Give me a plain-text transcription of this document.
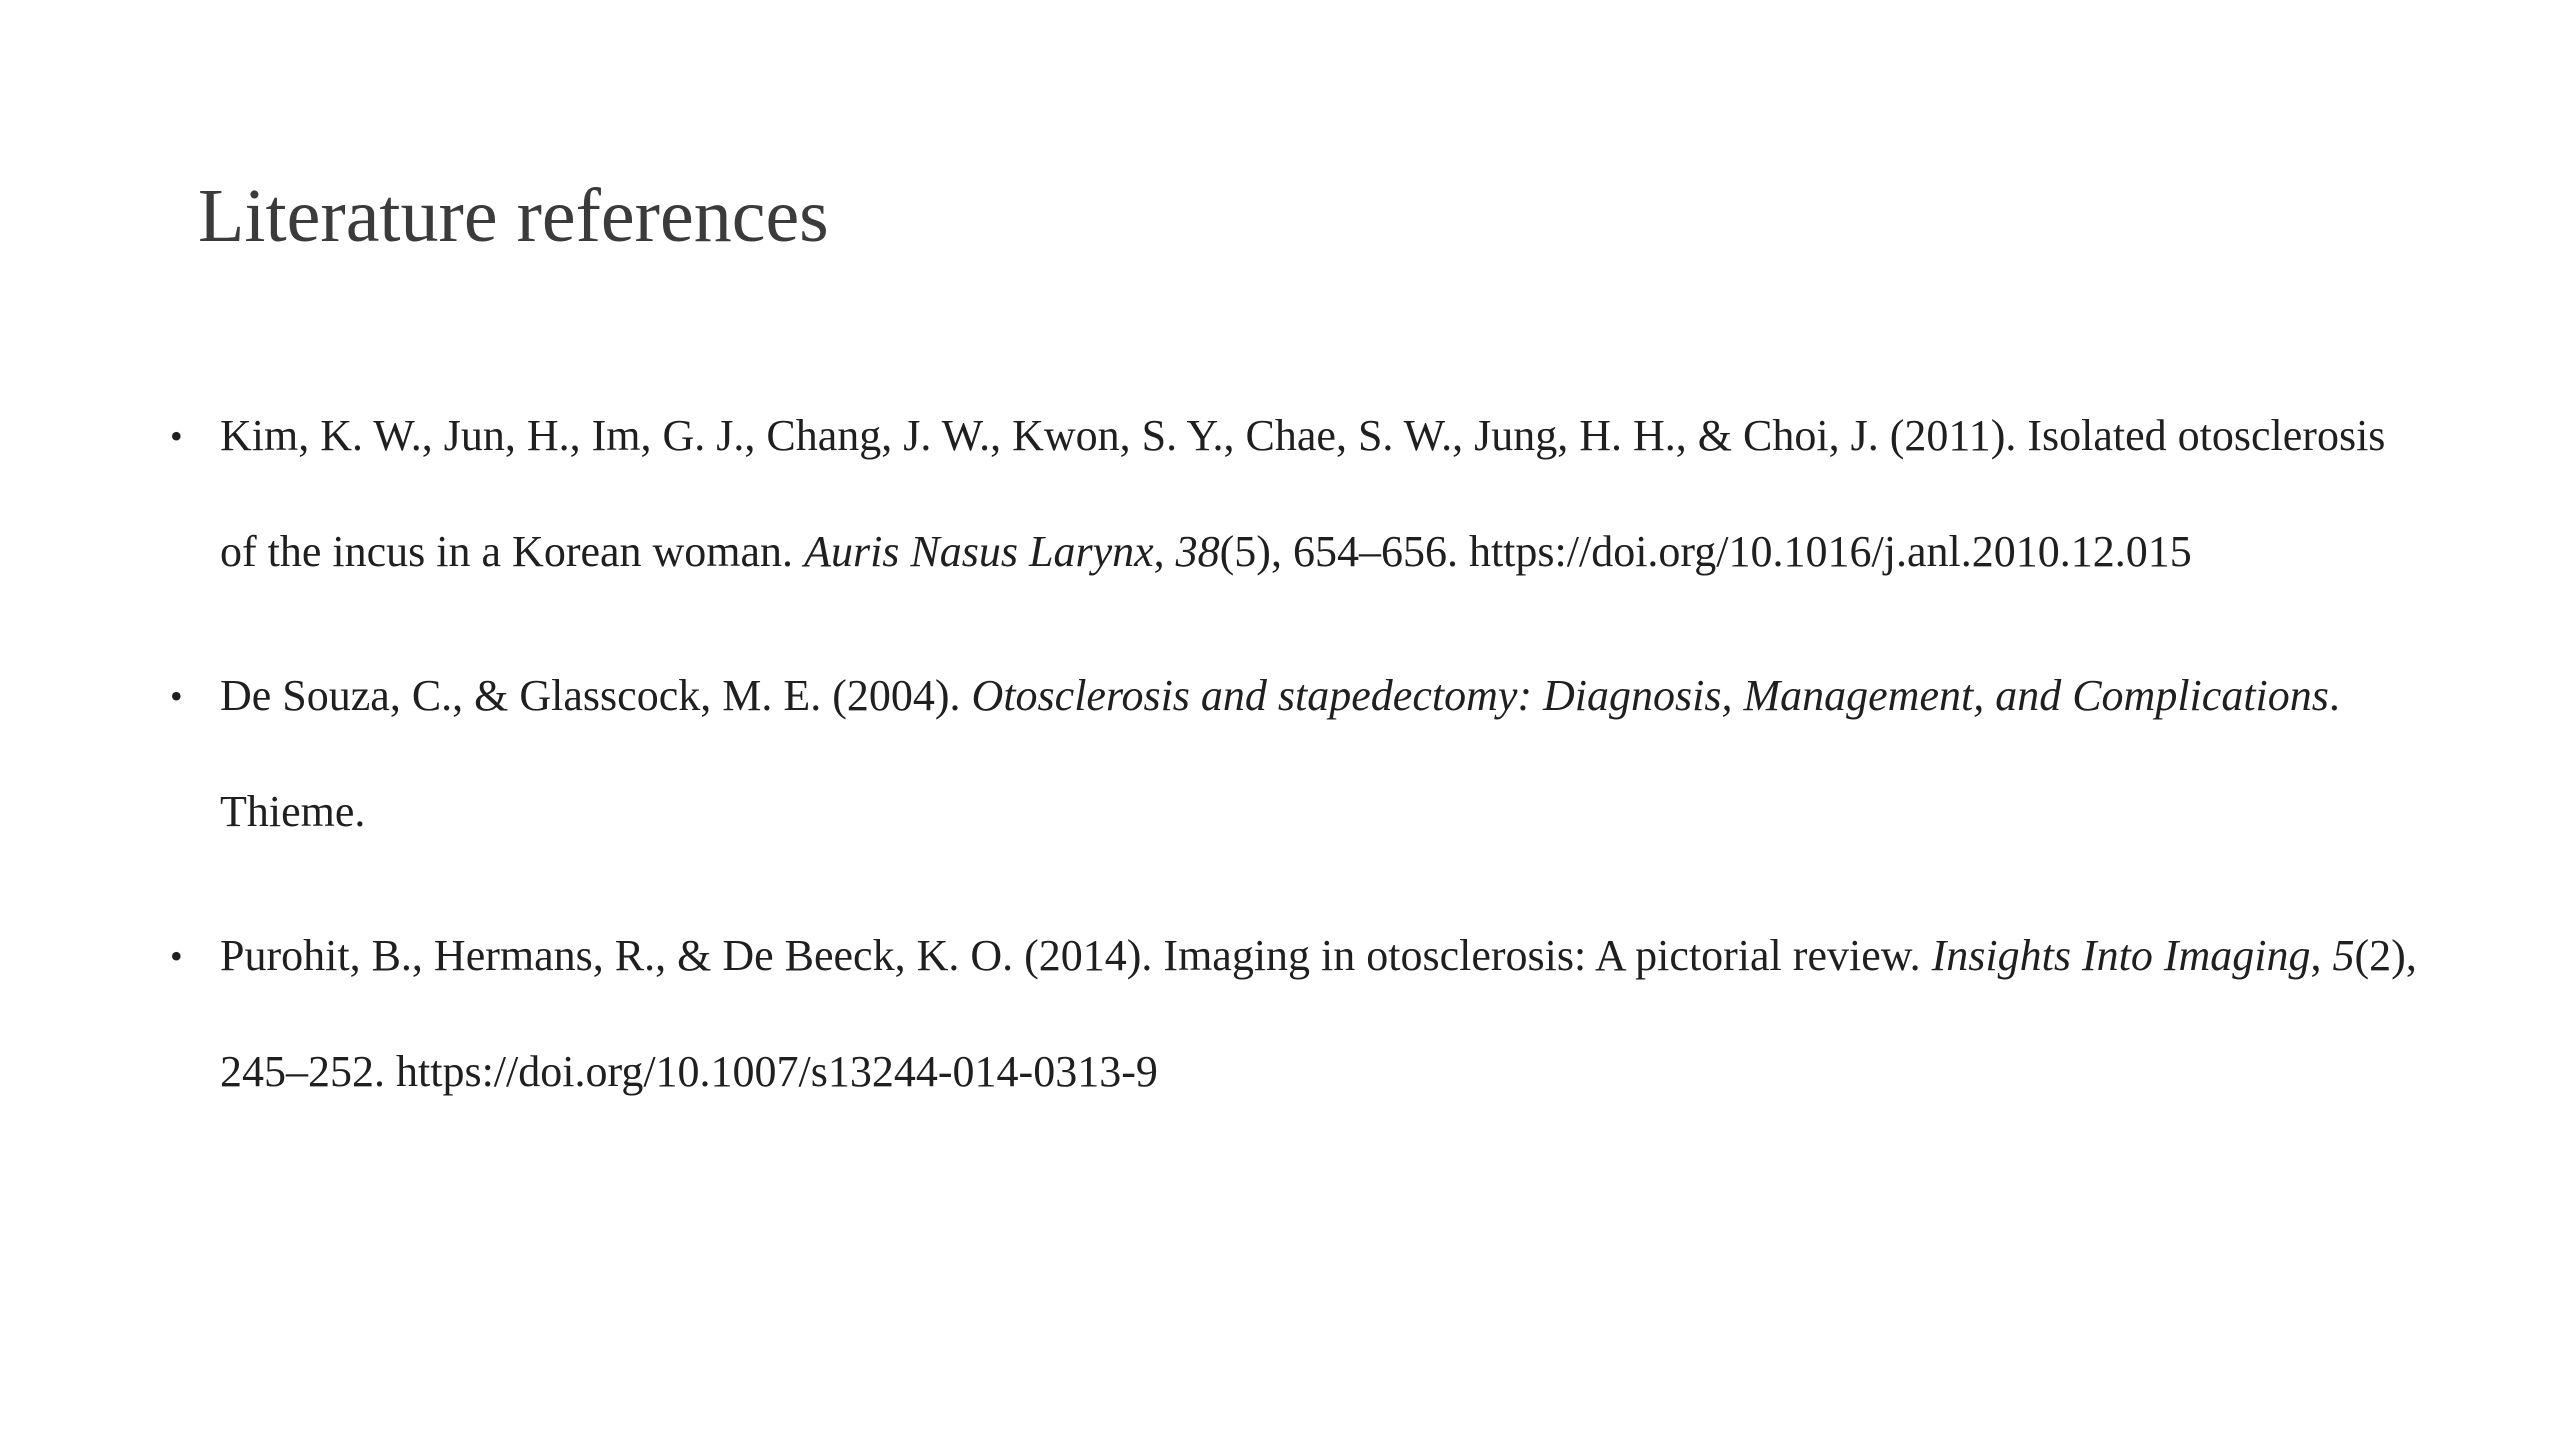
Literature references
• Kim, K. W., Jun, H., Im, G. J., Chang, J. W., Kwon, S. Y., Chae, S. W., Jung, H. H., & Choi, J. (2011). Isolated otosclerosis of the incus in a Korean woman. Auris Nasus Larynx, 38(5), 654–656. https://doi.org/10.1016/j.anl.2010.12.015
• De Souza, C., & Glasscock, M. E. (2004). Otosclerosis and stapedectomy: Diagnosis, Management, and Complications. Thieme.
• Purohit, B., Hermans, R., & De Beeck, K. O. (2014). Imaging in otosclerosis: A pictorial review. Insights Into Imaging, 5(2), 245–252. https://doi.org/10.1007/s13244-014-0313-9
